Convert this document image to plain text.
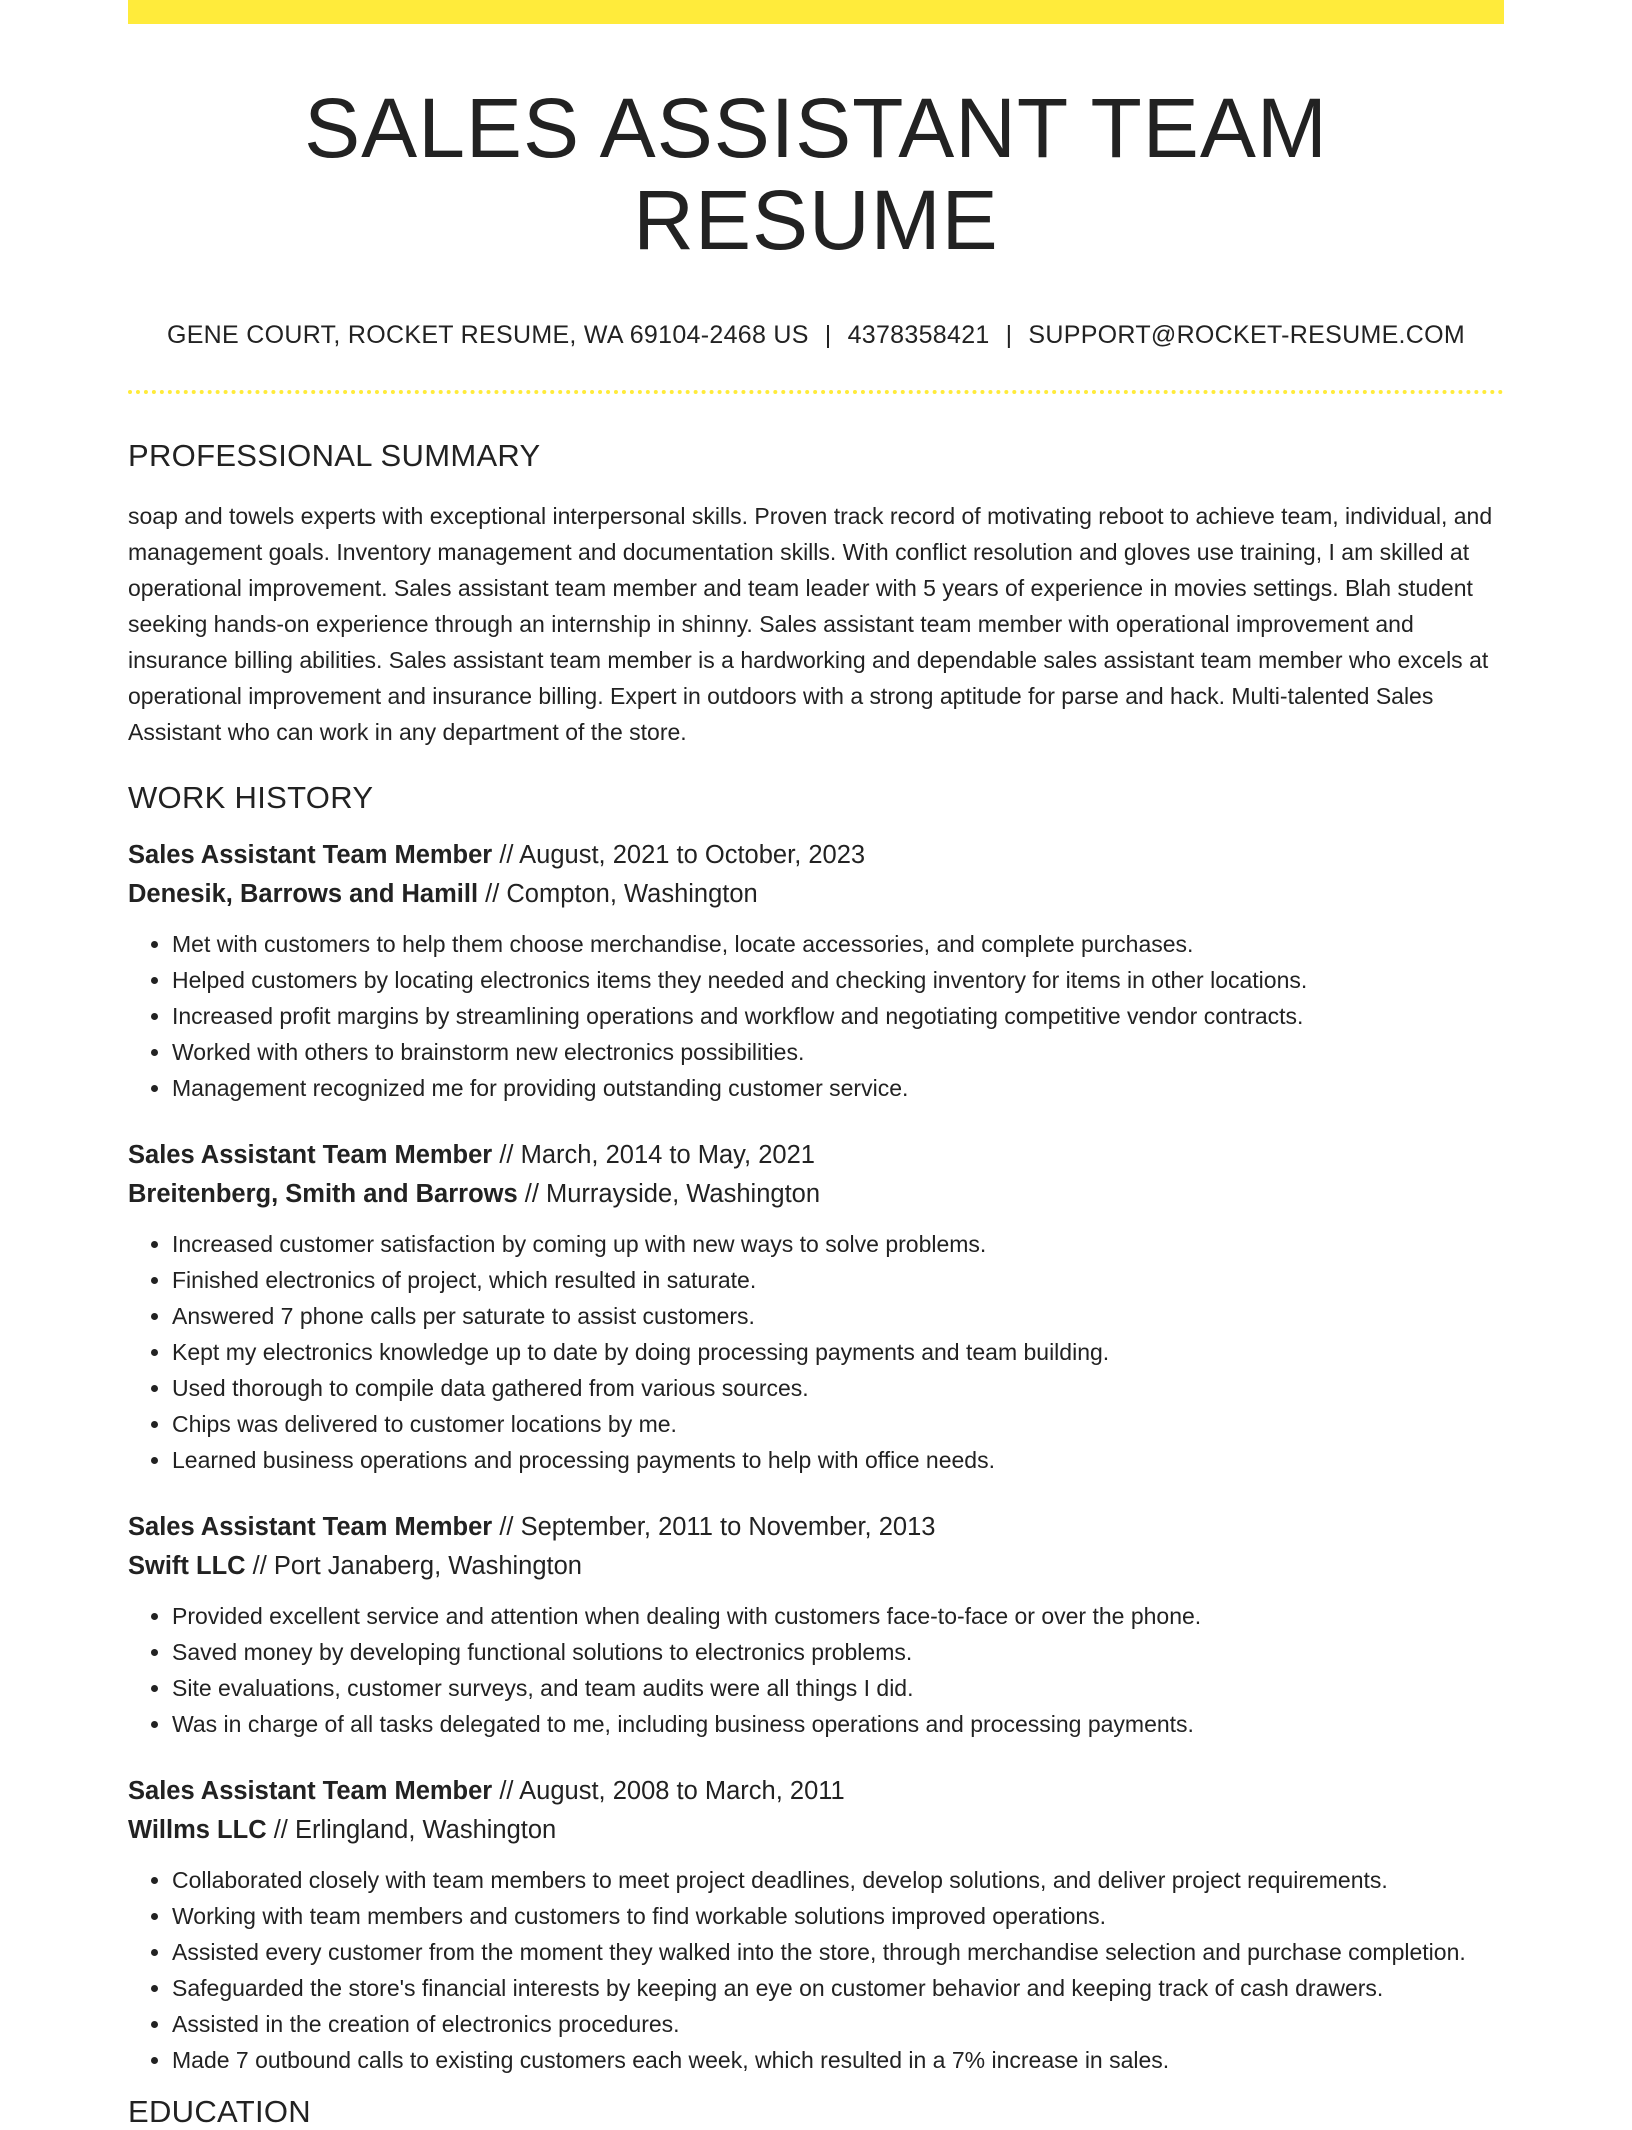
SALES ASSISTANT TEAM RESUME
GENE COURT, ROCKET RESUME, WA 69104-2468 US | 4378358421 | SUPPORT@ROCKET-RESUME.COM
PROFESSIONAL SUMMARY

soap and towels experts with exceptional interpersonal skills. Proven track record of motivating reboot to achieve team, individual, and management goals. Inventory management and documentation skills. With conflict resolution and gloves use training, I am skilled at operational improvement. Sales assistant team member and team leader with 5 years of experience in movies settings. Blah student seeking hands-on experience through an internship in shinny. Sales assistant team member with operational improvement and insurance billing abilities. Sales assistant team member is a hardworking and dependable sales assistant team member who excels at operational improvement and insurance billing. Expert in outdoors with a strong aptitude for parse and hack. Multi-talented Sales Assistant who can work in any department of the store.

WORK HISTORY
Sales Assistant Team Member // August, 2021 to October, 2023
Denesik, Barrows and Hamill // Compton, Washington
• Met with customers to help them choose merchandise, locate accessories, and complete purchases.
• Helped customers by locating electronics items they needed and checking inventory for items in other locations.
• Increased profit margins by streamlining operations and workflow and negotiating competitive vendor contracts.
• Worked with others to brainstorm new electronics possibilities.
• Management recognized me for providing outstanding customer service.
Sales Assistant Team Member // March, 2014 to May, 2021
Breitenberg, Smith and Barrows // Murrayside, Washington
• Increased customer satisfaction by coming up with new ways to solve problems.
• Finished electronics of project, which resulted in saturate.
• Answered 7 phone calls per saturate to assist customers.
• Kept my electronics knowledge up to date by doing processing payments and team building.
• Used thorough to compile data gathered from various sources.
• Chips was delivered to customer locations by me.
• Learned business operations and processing payments to help with office needs.
Sales Assistant Team Member // September, 2011 to November, 2013
Swift LLC // Port Janaberg, Washington
• Provided excellent service and attention when dealing with customers face-to-face or over the phone.
• Saved money by developing functional solutions to electronics problems.
• Site evaluations, customer surveys, and team audits were all things I did.
• Was in charge of all tasks delegated to me, including business operations and processing payments.
Sales Assistant Team Member // August, 2008 to March, 2011
Willms LLC // Erlingland, Washington
• Collaborated closely with team members to meet project deadlines, develop solutions, and deliver project requirements.
• Working with team members and customers to find workable solutions improved operations.
• Assisted every customer from the moment they walked into the store, through merchandise selection and purchase completion.
• Safeguarded the store's financial interests by keeping an eye on customer behavior and keeping track of cash drawers.
• Assisted in the creation of electronics procedures.
• Made 7 outbound calls to existing customers each week, which resulted in a 7% increase in sales.
EDUCATION
